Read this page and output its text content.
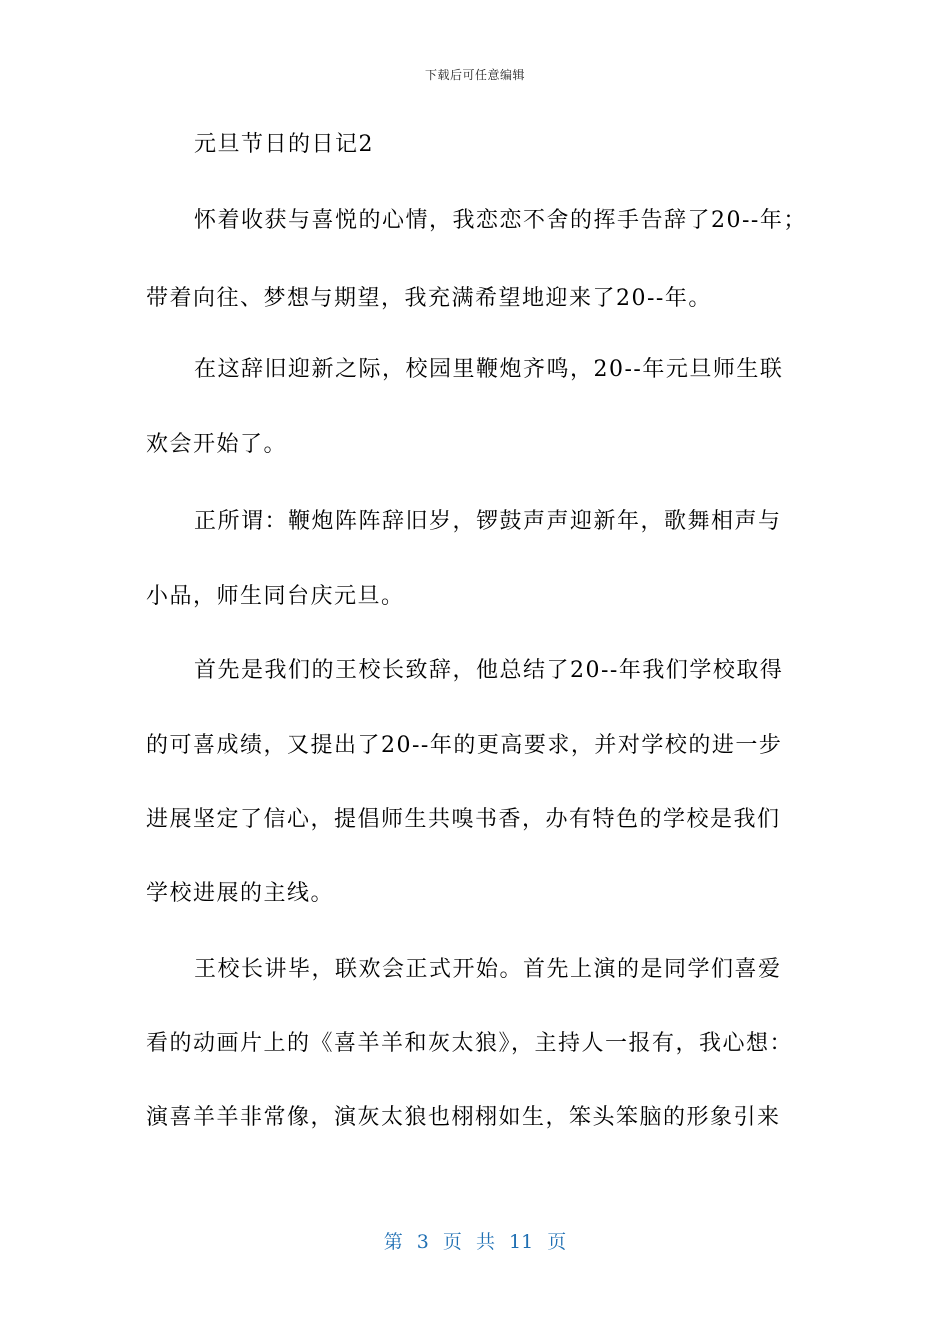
下载后可任意编辑
元旦节日的日记2
怀着收获与喜悦的心情，我恋恋不舍的挥手告辞了20--年；
带着向往、梦想与期望，我充满希望地迎来了20--年。
在这辞旧迎新之际，校园里鞭炮齐鸣，20--年元旦师生联
欢会开始了。
正所谓：鞭炮阵阵辞旧岁，锣鼓声声迎新年，歌舞相声与
小品，师生同台庆元旦。
首先是我们的王校长致辞，他总结了20--年我们学校取得
的可喜成绩，又提出了20--年的更高要求，并对学校的进一步
进展坚定了信心，提倡师生共嗅书香，办有特色的学校是我们
学校进展的主线。
王校长讲毕，联欢会正式开始。首先上演的是同学们喜爱
看的动画片上的《喜羊羊和灰太狼》，主持人一报有，我心想：
演喜羊羊非常像，演灰太狼也栩栩如生，笨头笨脑的形象引来
第 3 页 共 11 页
